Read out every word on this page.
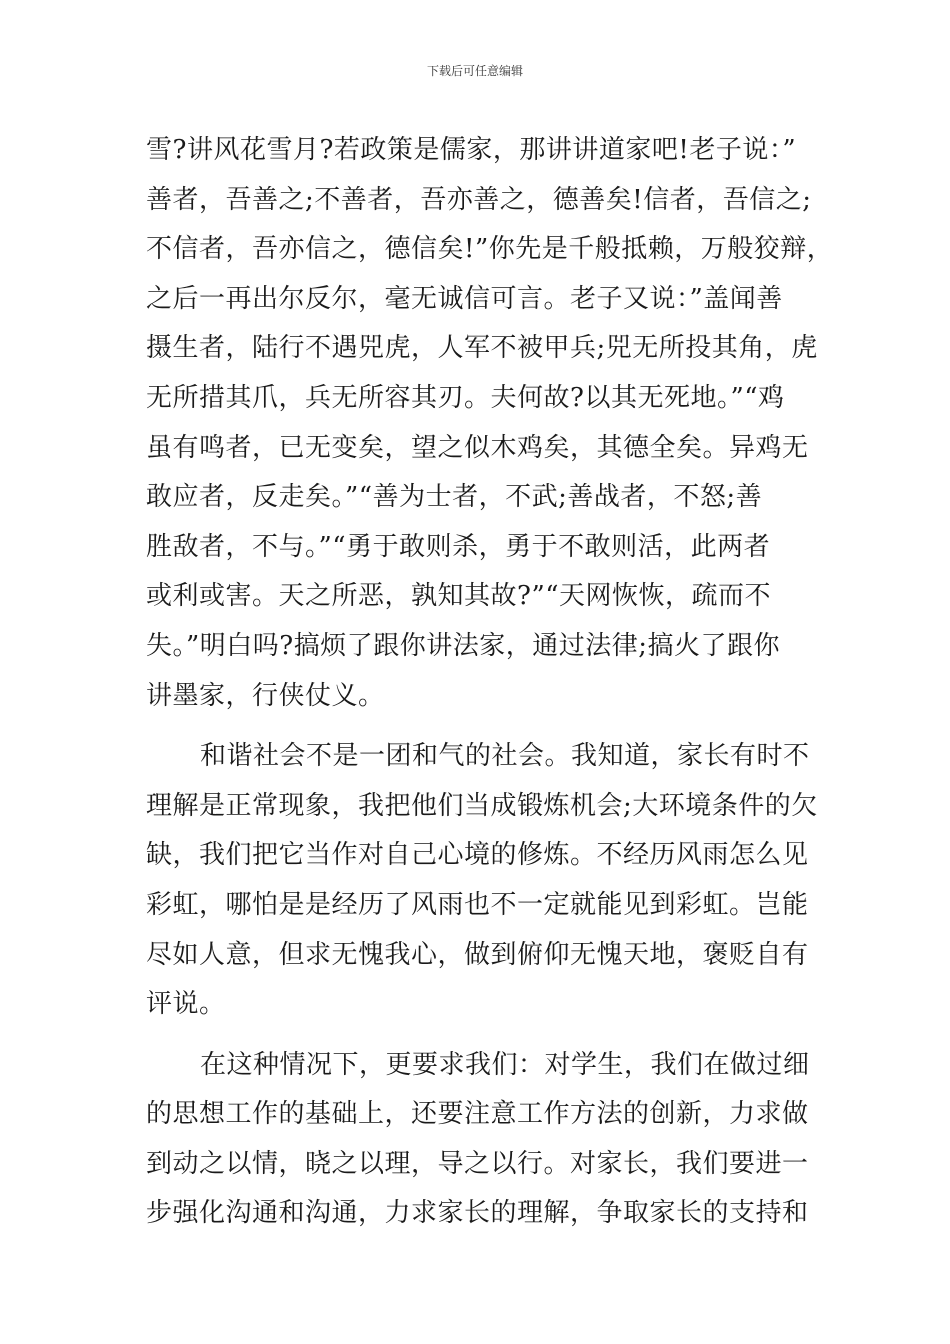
下载后可任意编辑
雪?讲风花雪月?若政策是儒家，那讲讲道家吧!老子说：”
善者，吾善之;不善者，吾亦善之，德善矣!信者，吾信之;
不信者，吾亦信之，德信矣!”你先是千般抵赖，万般狡辩，
之后一再出尔反尔，毫无诚信可言。老子又说：”盖闻善
摄生者，陆行不遇兕虎，人军不被甲兵;兕无所投其角，虎
无所措其爪，兵无所容其刃。夫何故?以其无死地。”“鸡
虽有鸣者，已无变矣，望之似木鸡矣，其德全矣。异鸡无
敢应者，反走矣。”“善为士者，不武;善战者，不怒;善
胜敌者，不与。”“勇于敢则杀，勇于不敢则活，此两者
或利或害。天之所恶，孰知其故?”“天网恢恢，疏而不
失。”明白吗?搞烦了跟你讲法家，通过法律;搞火了跟你
讲墨家，行侠仗义。
和谐社会不是一团和气的社会。我知道，家长有时不
理解是正常现象，我把他们当成锻炼机会;大环境条件的欠
缺，我们把它当作对自己心境的修炼。不经历风雨怎么见
彩虹，哪怕是是经历了风雨也不一定就能见到彩虹。岂能
尽如人意，但求无愧我心，做到俯仰无愧天地，褒贬自有
评说。
在这种情况下，更要求我们：对学生，我们在做过细
的思想工作的基础上，还要注意工作方法的创新，力求做
到动之以情，晓之以理，导之以行。对家长，我们要进一
步强化沟通和沟通，力求家长的理解，争取家长的支持和
